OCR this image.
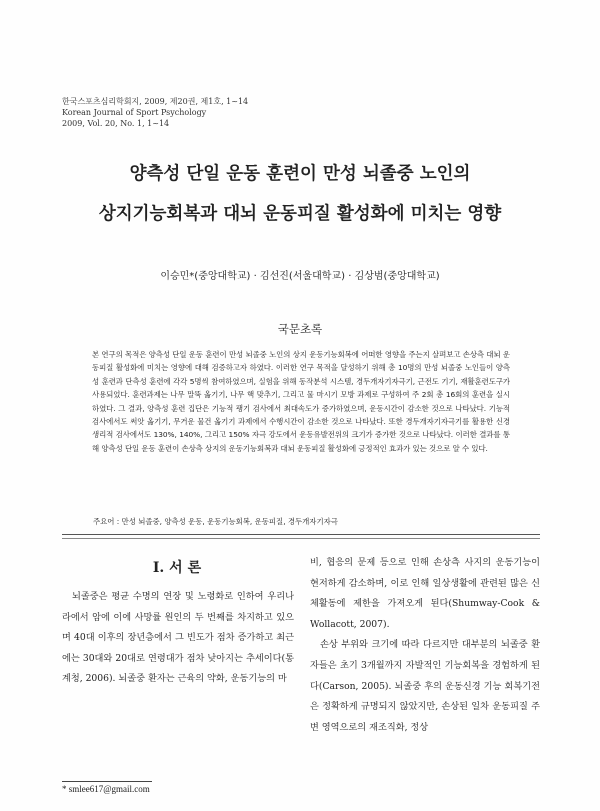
한국스포츠심리학회지, 2009, 제20권, 제1호, 1~14
Korean Journal of Sport Psychology
2009, Vol. 20, No. 1, 1~14
양측성 단일 운동 훈련이 만성 뇌졸중 노인의
상지기능회복과 대뇌 운동피질 활성화에 미치는 영향
이승민*(중앙대학교) · 김선진(서울대학교) · 김상범(중앙대학교)
국문초록
본 연구의 목적은 양측성 단일 운동 훈련이 만성 뇌졸중 노인의 상지 운동기능회복에 어떠한 영향을 주는지 살펴보고 손상측 대뇌 운동피질 활성화에 미치는 영향에 대해 검증하고자 하였다. 이러한 연구 목적을 달성하기 위해 총 10명의 만성 뇌졸중 노인들이 양측성 훈련과 단측성 훈련에 각각 5명씩 참여하였으며, 실험을 위해 동작분석 시스템, 경두개자기자극기, 근전도 기기, 재활훈련도구가 사용되었다. 훈련과제는 나무 말뚝 옮기기, 나무 핵 맞추기, 그리고 물 마시기 모방 과제로 구성하여 주 2회 총 16회의 훈련을 실시하였다. 그 결과, 양측성 훈련 집단은 기능적 팽기 검사에서 최대속도가 증가하였으며, 운동시간이 감소한 것으로 나타났다. 기능적 검사에서도 써앗 옮기기, 무거운 물건 옮기기 과제에서 수행시간이 감소한 것으로 나타났다. 또한 경두개자기자극기를 활용한 신경생리적 검사에서도 130%, 140%, 그리고 150% 자극 강도에서 운동유발전위의 크기가 증가한 것으로 나타났다. 이러한 결과를 통해 양측성 단일 운동 훈련이 손상측 상지의 운동기능회복과 대뇌 운동피질 활성화에 긍정적인 효과가 있는 것으로 알 수 있다.
주요어 : 만성 뇌졸중, 양측성 운동, 운동기능회복, 운동피질, 경두개자기자극
Ⅰ. 서 론
뇌졸중은 평균 수명의 연장 및 노령화로 인하여 우리나라에서 암에 이에 사망률 원인의 두 번째를 차지하고 있으며 40대 이후의 장년층에서 그 빈도가 점차 증가하고 최근에는 30대와 20대로 연령대가 점차 낮아지는 추세이다(통계청, 2006). 뇌졸중 환자는 근육의 약화, 운동기능의 마

비, 협응의 문제 등으로 인해 손상측 사지의 운동기능이 현저하게 감소하며, 이로 인해 일상생활에 관련된 많은 신체활동에 제한을 가져오게 된다(Shumway-Cook & Wollacott, 2007).

손상 부위와 크기에 따라 다르지만 대부분의 뇌졸중 환자들은 초기 3개월까지 자발적인 기능회복을 경험하게 된다(Carson, 2005). 뇌졸중 후의 운동신경 기능 회복기전은 정확하게 규명되지 않았지만, 손상된 일차 운동피질 주변 영역으로의 재조직화, 정상

* smlee617@gmail.com
